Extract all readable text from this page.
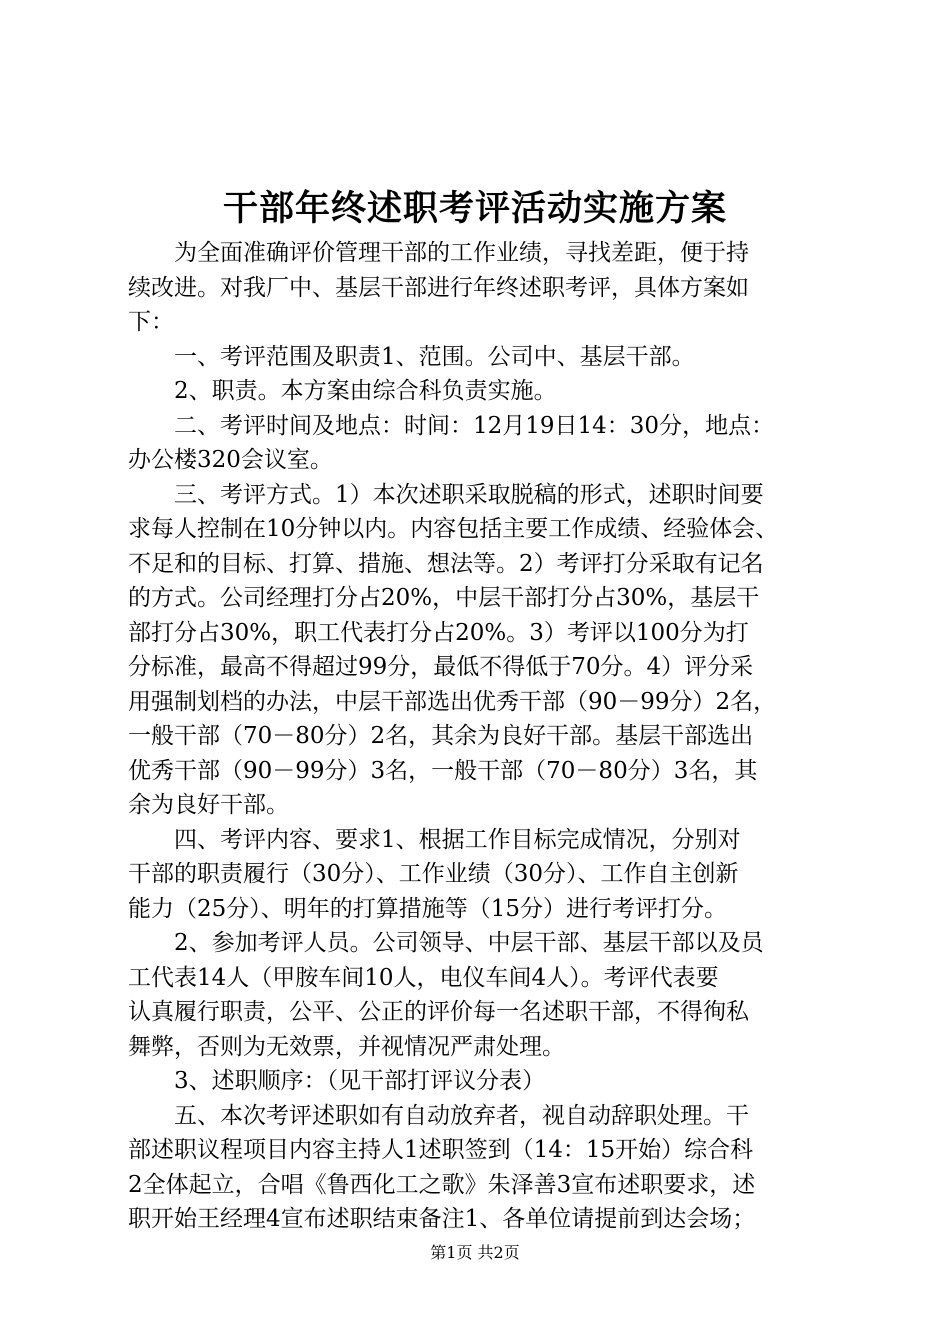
干部年终述职考评活动实施方案
　　为全面准确评价管理干部的工作业绩，寻找差距，便于持
续改进。对我厂中、基层干部进行年终述职考评，具体方案如
下：
　　一、考评范围及职责1、范围。公司中、基层干部。
　　2、职责。本方案由综合科负责实施。
　　二、考评时间及地点：时间：12月19日14：30分，地点：
办公楼320会议室。
　　三、考评方式。1）本次述职采取脱稿的形式，述职时间要
求每人控制在10分钟以内。内容包括主要工作成绩、经验体会、
不足和的目标、打算、措施、想法等。2）考评打分采取有记名
的方式。公司经理打分占20%，中层干部打分占30%，基层干
部打分占30%，职工代表打分占20%。3）考评以100分为打
分标准，最高不得超过99分，最低不得低于70分。4）评分采
用强制划档的办法，中层干部选出优秀干部（90－99分）2名，
一般干部（70－80分）2名，其余为良好干部。基层干部选出
优秀干部（90－99分）3名，一般干部（70－80分）3名，其
余为良好干部。
　　四、考评内容、要求1、根据工作目标完成情况，分别对
干部的职责履行（30分）、工作业绩（30分）、工作自主创新
能力（25分）、明年的打算措施等（15分）进行考评打分。
　　2、参加考评人员。公司领导、中层干部、基层干部以及员
工代表14人（甲胺车间10人，电仪车间4人）。考评代表要
认真履行职责，公平、公正的评价每一名述职干部，不得徇私
舞弊，否则为无效票，并视情况严肃处理。
　　3、述职顺序：（见干部打评议分表）
　　五、本次考评述职如有自动放弃者，视自动辞职处理。干
部述职议程项目内容主持人1述职签到（14：15开始）综合科
2全体起立，合唱《鲁西化工之歌》朱泽善3宣布述职要求，述
职开始王经理4宣布述职结束备注1、各单位请提前到达会场；
第1页 共2页
